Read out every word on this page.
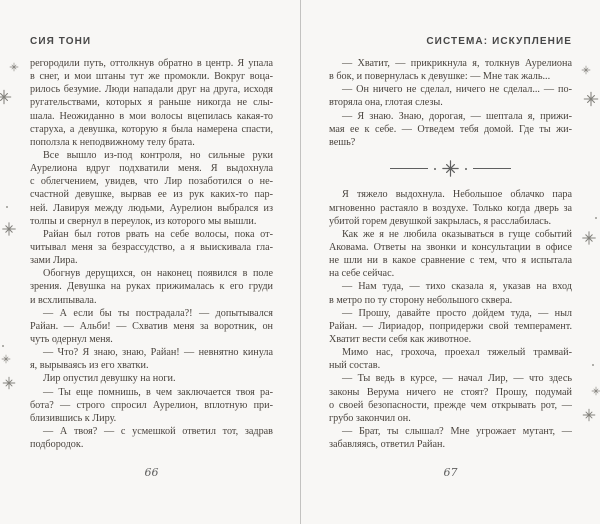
СИЯ ТОНИ
регородили путь, оттолкнув обратно в центр. Я упала
в снег, и мои штаны тут же промокли. Вокруг воца-
рилось безумие. Люди нападали друг на друга, исходя
ругательствами, которых я раньше никогда не слы-
шала. Неожиданно в мои волосы вцепилась какая-то
старуха, а девушка, которую я была намерена спасти,
поползла к неподвижному телу брата.
Все вышло из-под контроля, но сильные руки
Аурелиона вдруг подхватили меня. Я выдохнула
с облегчением, увидев, что Лир позаботился о не-
счастной девушке, вырвав ее из рук каких-то пар-
ней. Лавируя между людьми, Аурелион выбрался из
толпы и свернул в переулок, из которого мы вышли.
Райан был готов рвать на себе волосы, пока от-
читывал меня за безрассудство, а я выискивала гла-
зами Лира.
Обогнув дерущихся, он наконец появился в поле
зрения. Девушка на руках прижималась к его груди
и всхлипывала.
— А если бы ты пострадала?! — допытывался
Райан. — Альби! — Схватив меня за воротник, он
чуть одернул меня.
— Что? Я знаю, знаю, Райан! — невнятно кинула
я, вырываясь из его хватки.
Лир опустил девушку на ноги.
— Ты еще помнишь, в чем заключается твоя ра-
бота? — строго спросил Аурелион, вплотную при-
близившись к Лиру.
— А твоя? — с усмешкой ответил тот, задрав
подбородок.
66
СИСТЕМА: ИСКУПЛЕНИЕ
— Хватит, — прикрикнула я, толкнув Аурелиона
в бок, и повернулась к девушке: — Мне так жаль...
— Он ничего не сделал, ничего не сделал... — по-
вторяла она, глотая слезы.
— Я знаю. Знаю, дорогая, — шептала я, прижи-
мая ее к себе. — Отведем тебя домой. Где ты жи-
вешь?
Я тяжело выдохнула. Небольшое облачко пара
мгновенно растаяло в воздухе. Только когда дверь за
убитой горем девушкой закрылась, я расслабилась.
Как же я не любила оказываться в гуще событий
Аковама. Ответы на звонки и консультации в офисе
не шли ни в какое сравнение с тем, что я испытала
на себе сейчас.
— Нам туда, — тихо сказала я, указав на вход
в метро по ту сторону небольшого сквера.
— Прошу, давайте просто дойдем туда, — ныл
Райан. — Лириадор, попридержи свой темперамент.
Хватит вести себя как животное.
Мимо нас, грохоча, проехал тяжелый трамвай-
ный состав.
— Ты ведь в курсе, — начал Лир, — что здесь
законы Верума ничего не стоят? Прошу, подумай
о своей безопасности, прежде чем открывать рот, —
грубо закончил он.
— Брат, ты слышал? Мне угрожает мутант, —
забавляясь, ответил Райан.
67
